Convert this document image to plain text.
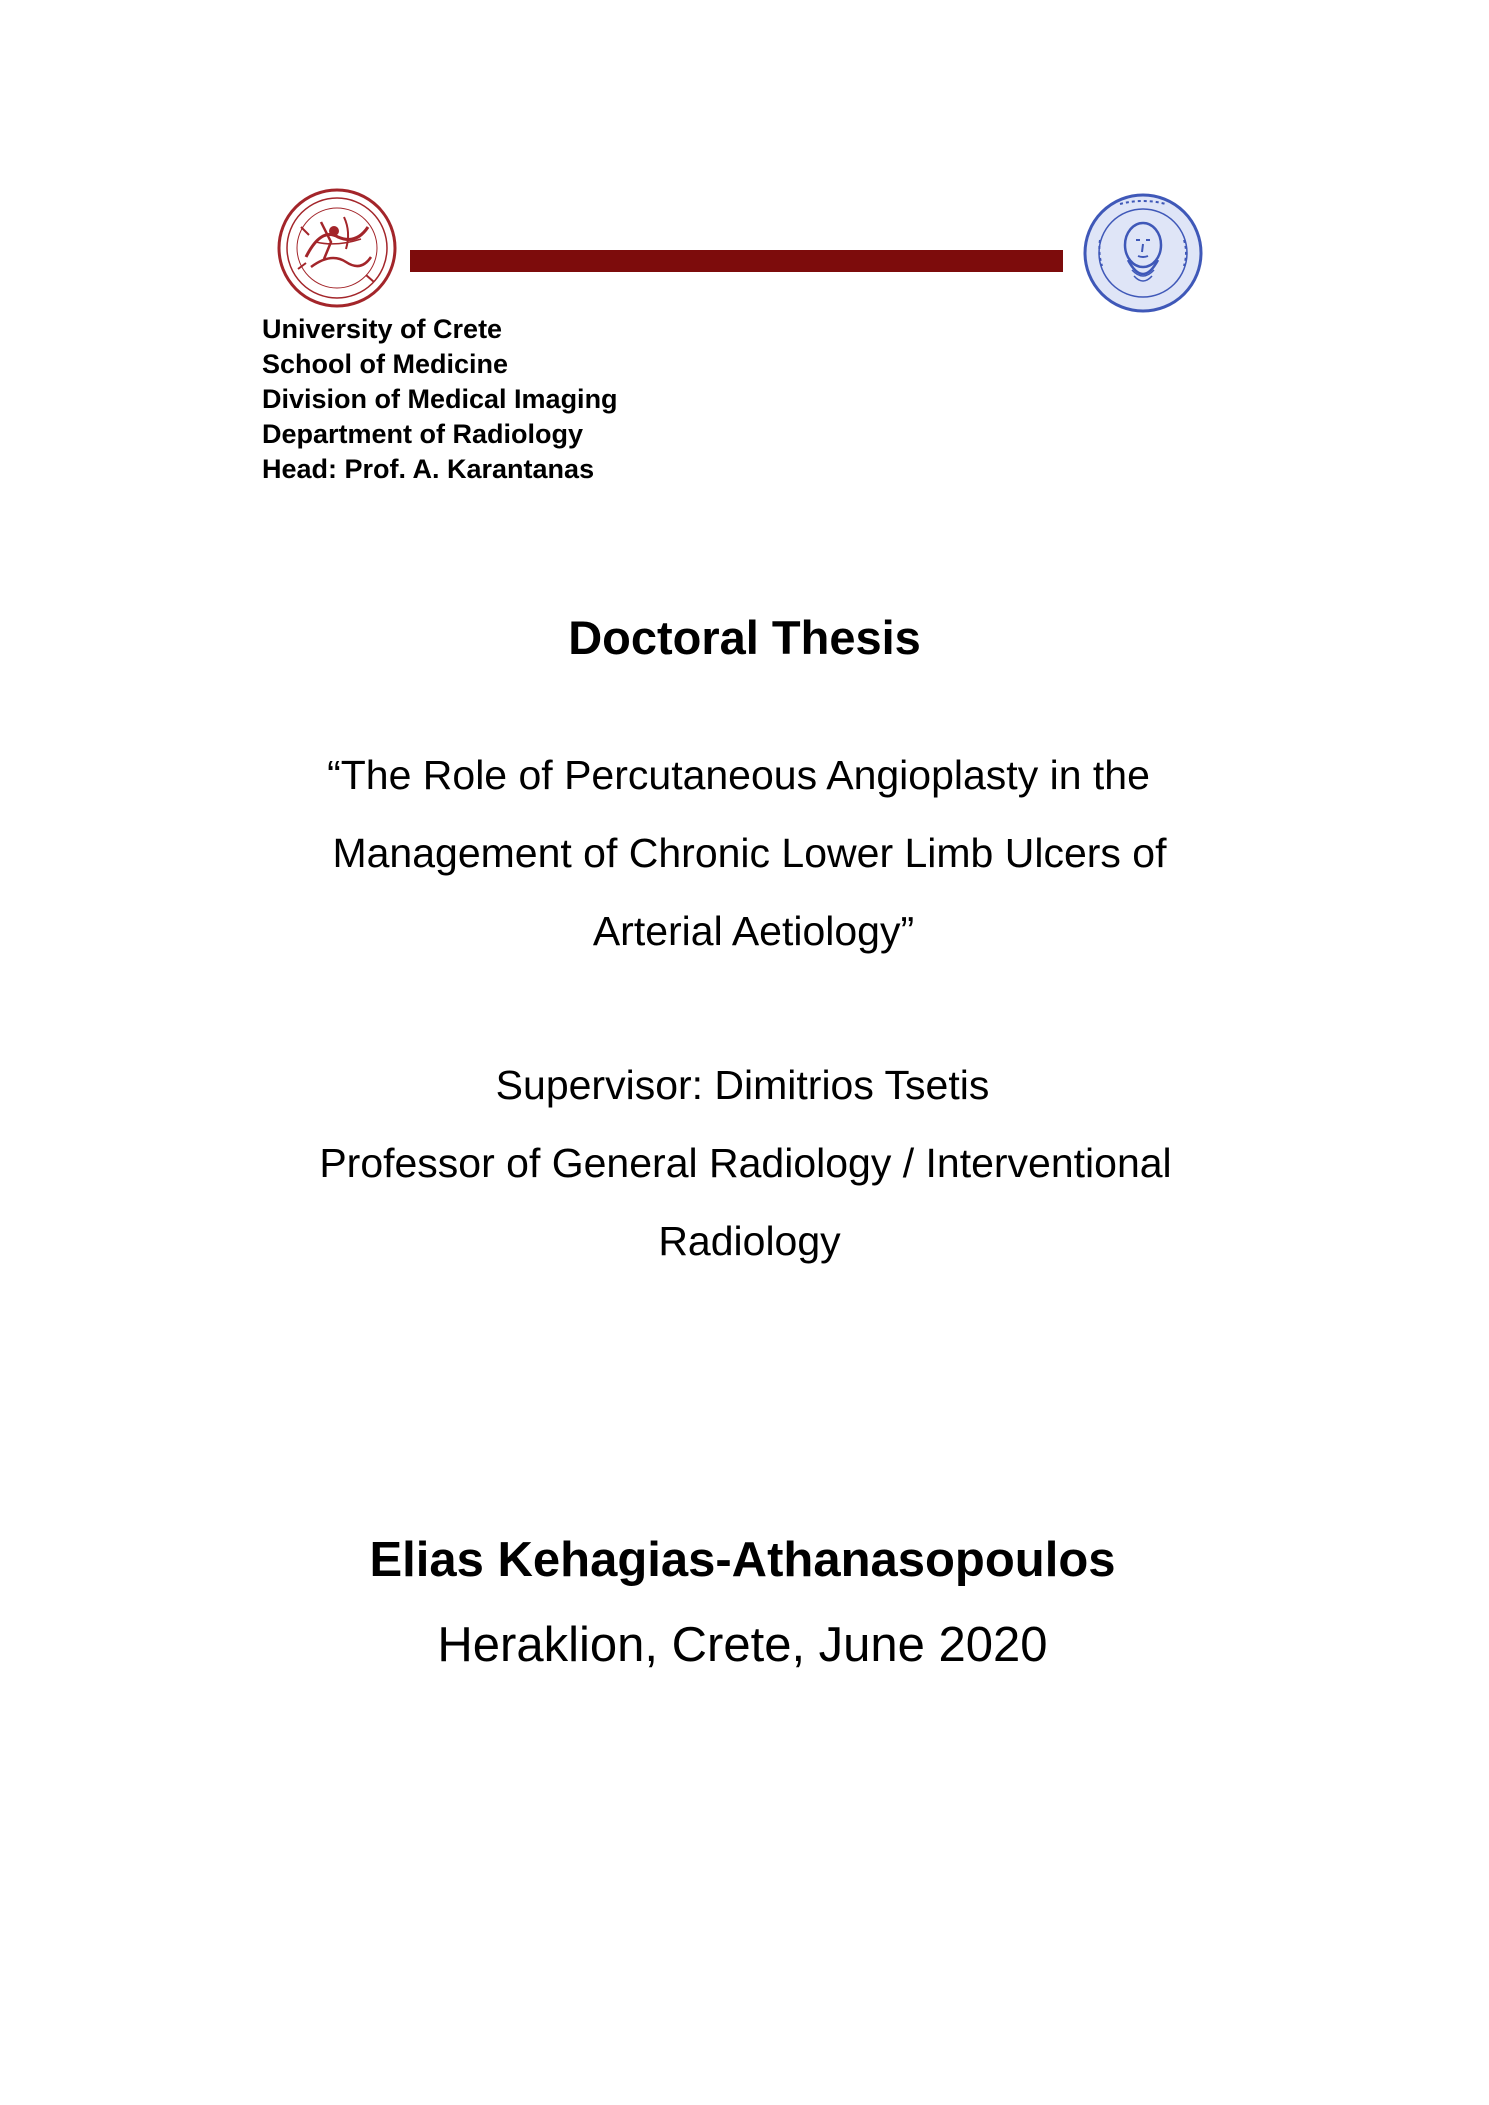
University of Crete
School of Medicine
Division of Medical Imaging
Department of Radiology
Head: Prof. A. Karantanas
Doctoral Thesis
“The Role of Percutaneous Angioplasty in the
Management of Chronic Lower Limb Ulcers of
Arterial Aetiology”
Supervisor: Dimitrios Tsetis
Professor of General Radiology / Interventional
Radiology
Elias Kehagias-Athanasopoulos
Heraklion, Crete, June 2020
